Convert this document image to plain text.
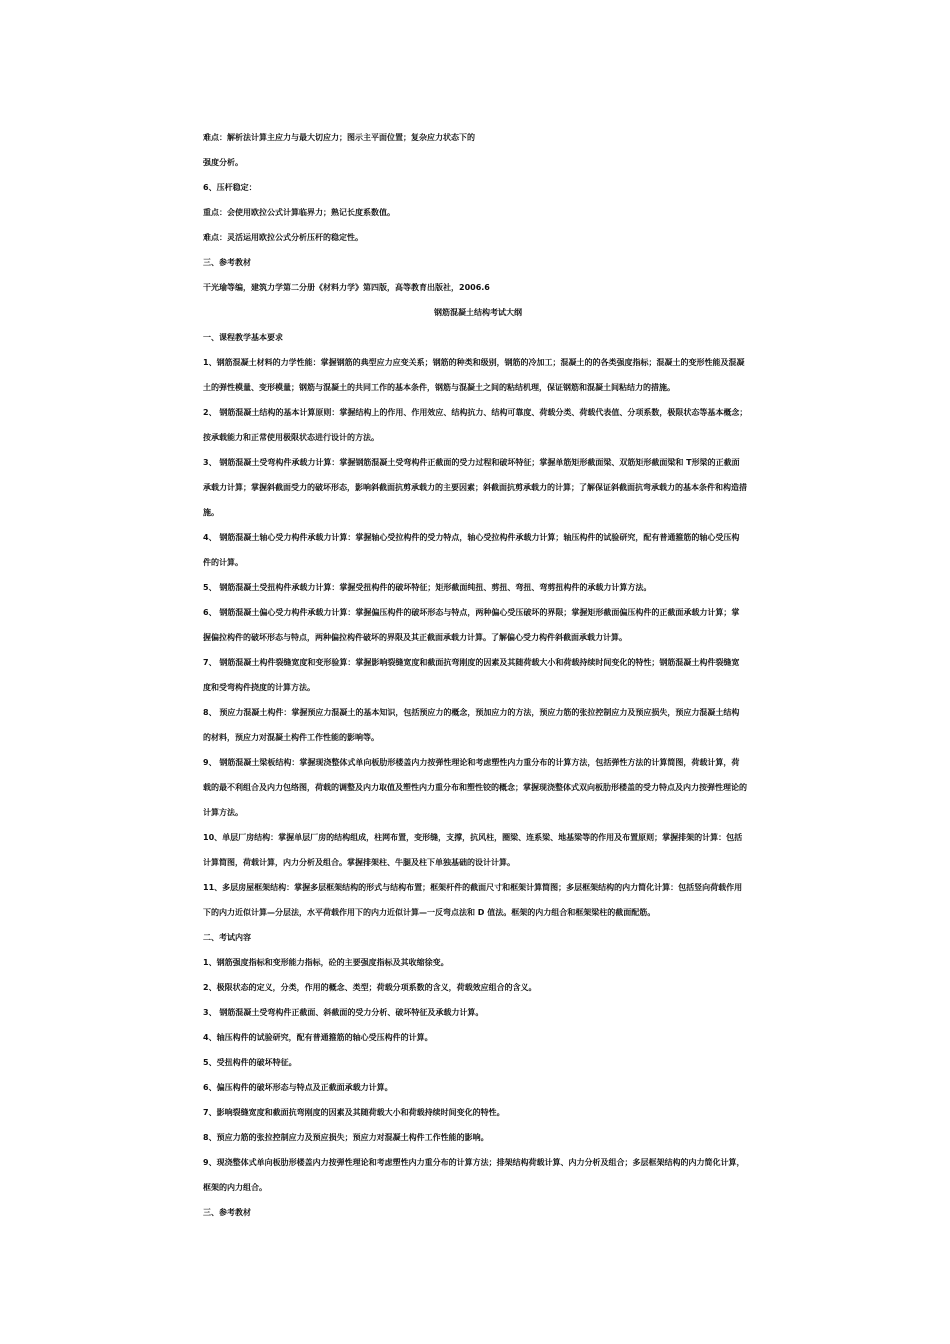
难点：解析法计算主应力与最大切应力；图示主平面位置；复杂应力状态下的
强度分析。
6、压杆稳定：
重点：会使用欧拉公式计算临界力；熟记长度系数值。
难点：灵活运用欧拉公式分析压杆的稳定性。
三、参考教材
干光瑜等编，建筑力学第二分册《材料力学》第四版，高等教育出版社，2006.6
钢筋混凝土结构考试大纲
一、课程教学基本要求
1、钢筋混凝土材料的力学性能：掌握钢筋的典型应力应变关系；钢筋的种类和级别，钢筋的冷加工；混凝土的的各类强度指标；混凝土的变形性能及混凝
土的弹性模量、变形模量；钢筋与混凝土的共同工作的基本条件，钢筋与混凝土之间的粘结机理，保证钢筋和混凝土间粘结力的措施。
2、 钢筋混凝土结构的基本计算原则：掌握结构上的作用、作用效应、结构抗力、结构可靠度、荷载分类、荷载代表值、分项系数，极限状态等基本概念；
按承载能力和正常使用极限状态进行设计的方法。
3、 钢筋混凝土受弯构件承载力计算：掌握钢筋混凝土受弯构件正截面的受力过程和破坏特征；掌握单筋矩形截面梁、双筋矩形截面梁和 T形梁的正截面
承载力计算；掌握斜截面受力的破坏形态，影响斜截面抗剪承载力的主要因素；斜截面抗剪承载力的计算；了解保证斜截面抗弯承载力的基本条件和构造措
施。
4、 钢筋混凝土轴心受力构件承载力计算：掌握轴心受拉构件的受力特点，轴心受拉构件承载力计算；轴压构件的试验研究，配有普通箍筋的轴心受压构
件的计算。
5、 钢筋混凝土受扭构件承载力计算：掌握受扭构件的破坏特征；矩形截面纯扭、剪扭、弯扭、弯剪扭构件的承载力计算方法。
6、 钢筋混凝土偏心受力构件承载力计算：掌握偏压构件的破坏形态与特点，两种偏心受压破坏的界限；掌握矩形截面偏压构件的正截面承载力计算；掌
握偏拉构件的破坏形态与特点，两种偏拉构件破坏的界限及其正截面承载力计算。了解偏心受力构件斜截面承载力计算。
7、 钢筋混凝土构件裂缝宽度和变形验算：掌握影响裂缝宽度和截面抗弯刚度的因素及其随荷载大小和荷载持续时间变化的特性；钢筋混凝土构件裂缝宽
度和受弯构件挠度的计算方法。
8、 预应力混凝土构件：掌握预应力混凝土的基本知识，包括预应力的概念，预加应力的方法，预应力筋的张拉控制应力及预应损失，预应力混凝土结构
的材料，预应力对混凝土构件工作性能的影响等。
9、 钢筋混凝土梁板结构：掌握现浇整体式单向板肋形楼盖内力按弹性理论和考虑塑性内力重分布的计算方法，包括弹性方法的计算简图，荷载计算，荷
载的最不利组合及内力包络图，荷载的调整及内力取值及塑性内力重分布和塑性铰的概念；掌握现浇整体式双向板肋形楼盖的受力特点及内力按弹性理论的
计算方法。
10、单层厂房结构：掌握单层厂房的结构组成，柱网布置，变形缝，支撑，抗风柱，圈梁、连系梁、地基梁等的作用及布置原则；掌握排架的计算：包括
计算简图，荷载计算，内力分析及组合。掌握排架柱、牛腿及柱下单独基础的设计计算。
11、多层房屋框架结构：掌握多层框架结构的形式与结构布置；框架杆件的截面尺寸和框架计算简图；多层框架结构的内力简化计算：包括竖向荷载作用
下的内力近似计算—分层法，水平荷载作用下的内力近似计算—一反弯点法和 D 值法。框架的内力组合和框架梁柱的截面配筋。
二、考试内容
1、钢筋强度指标和变形能力指标，砼的主要强度指标及其收缩徐变。
2、极限状态的定义，分类，作用的概念、类型；荷载分项系数的含义，荷载效应组合的含义。
3、 钢筋混凝土受弯构件正截面、斜截面的受力分析、破坏特征及承载力计算。
4、轴压构件的试验研究，配有普通箍筋的轴心受压构件的计算。
5、受扭构件的破坏特征。
6、偏压构件的破坏形态与特点及正截面承载力计算。
7、影响裂缝宽度和截面抗弯刚度的因素及其随荷载大小和荷载持续时间变化的特性。
8、预应力筋的张拉控制应力及预应损失；预应力对混凝土构件工作性能的影响。
9、现浇整体式单向板肋形楼盖内力按弹性理论和考虑塑性内力重分布的计算方法；排架结构荷载计算、内力分析及组合；多层框架结构的内力简化计算，
框架的内力组合。
三、参考教材
